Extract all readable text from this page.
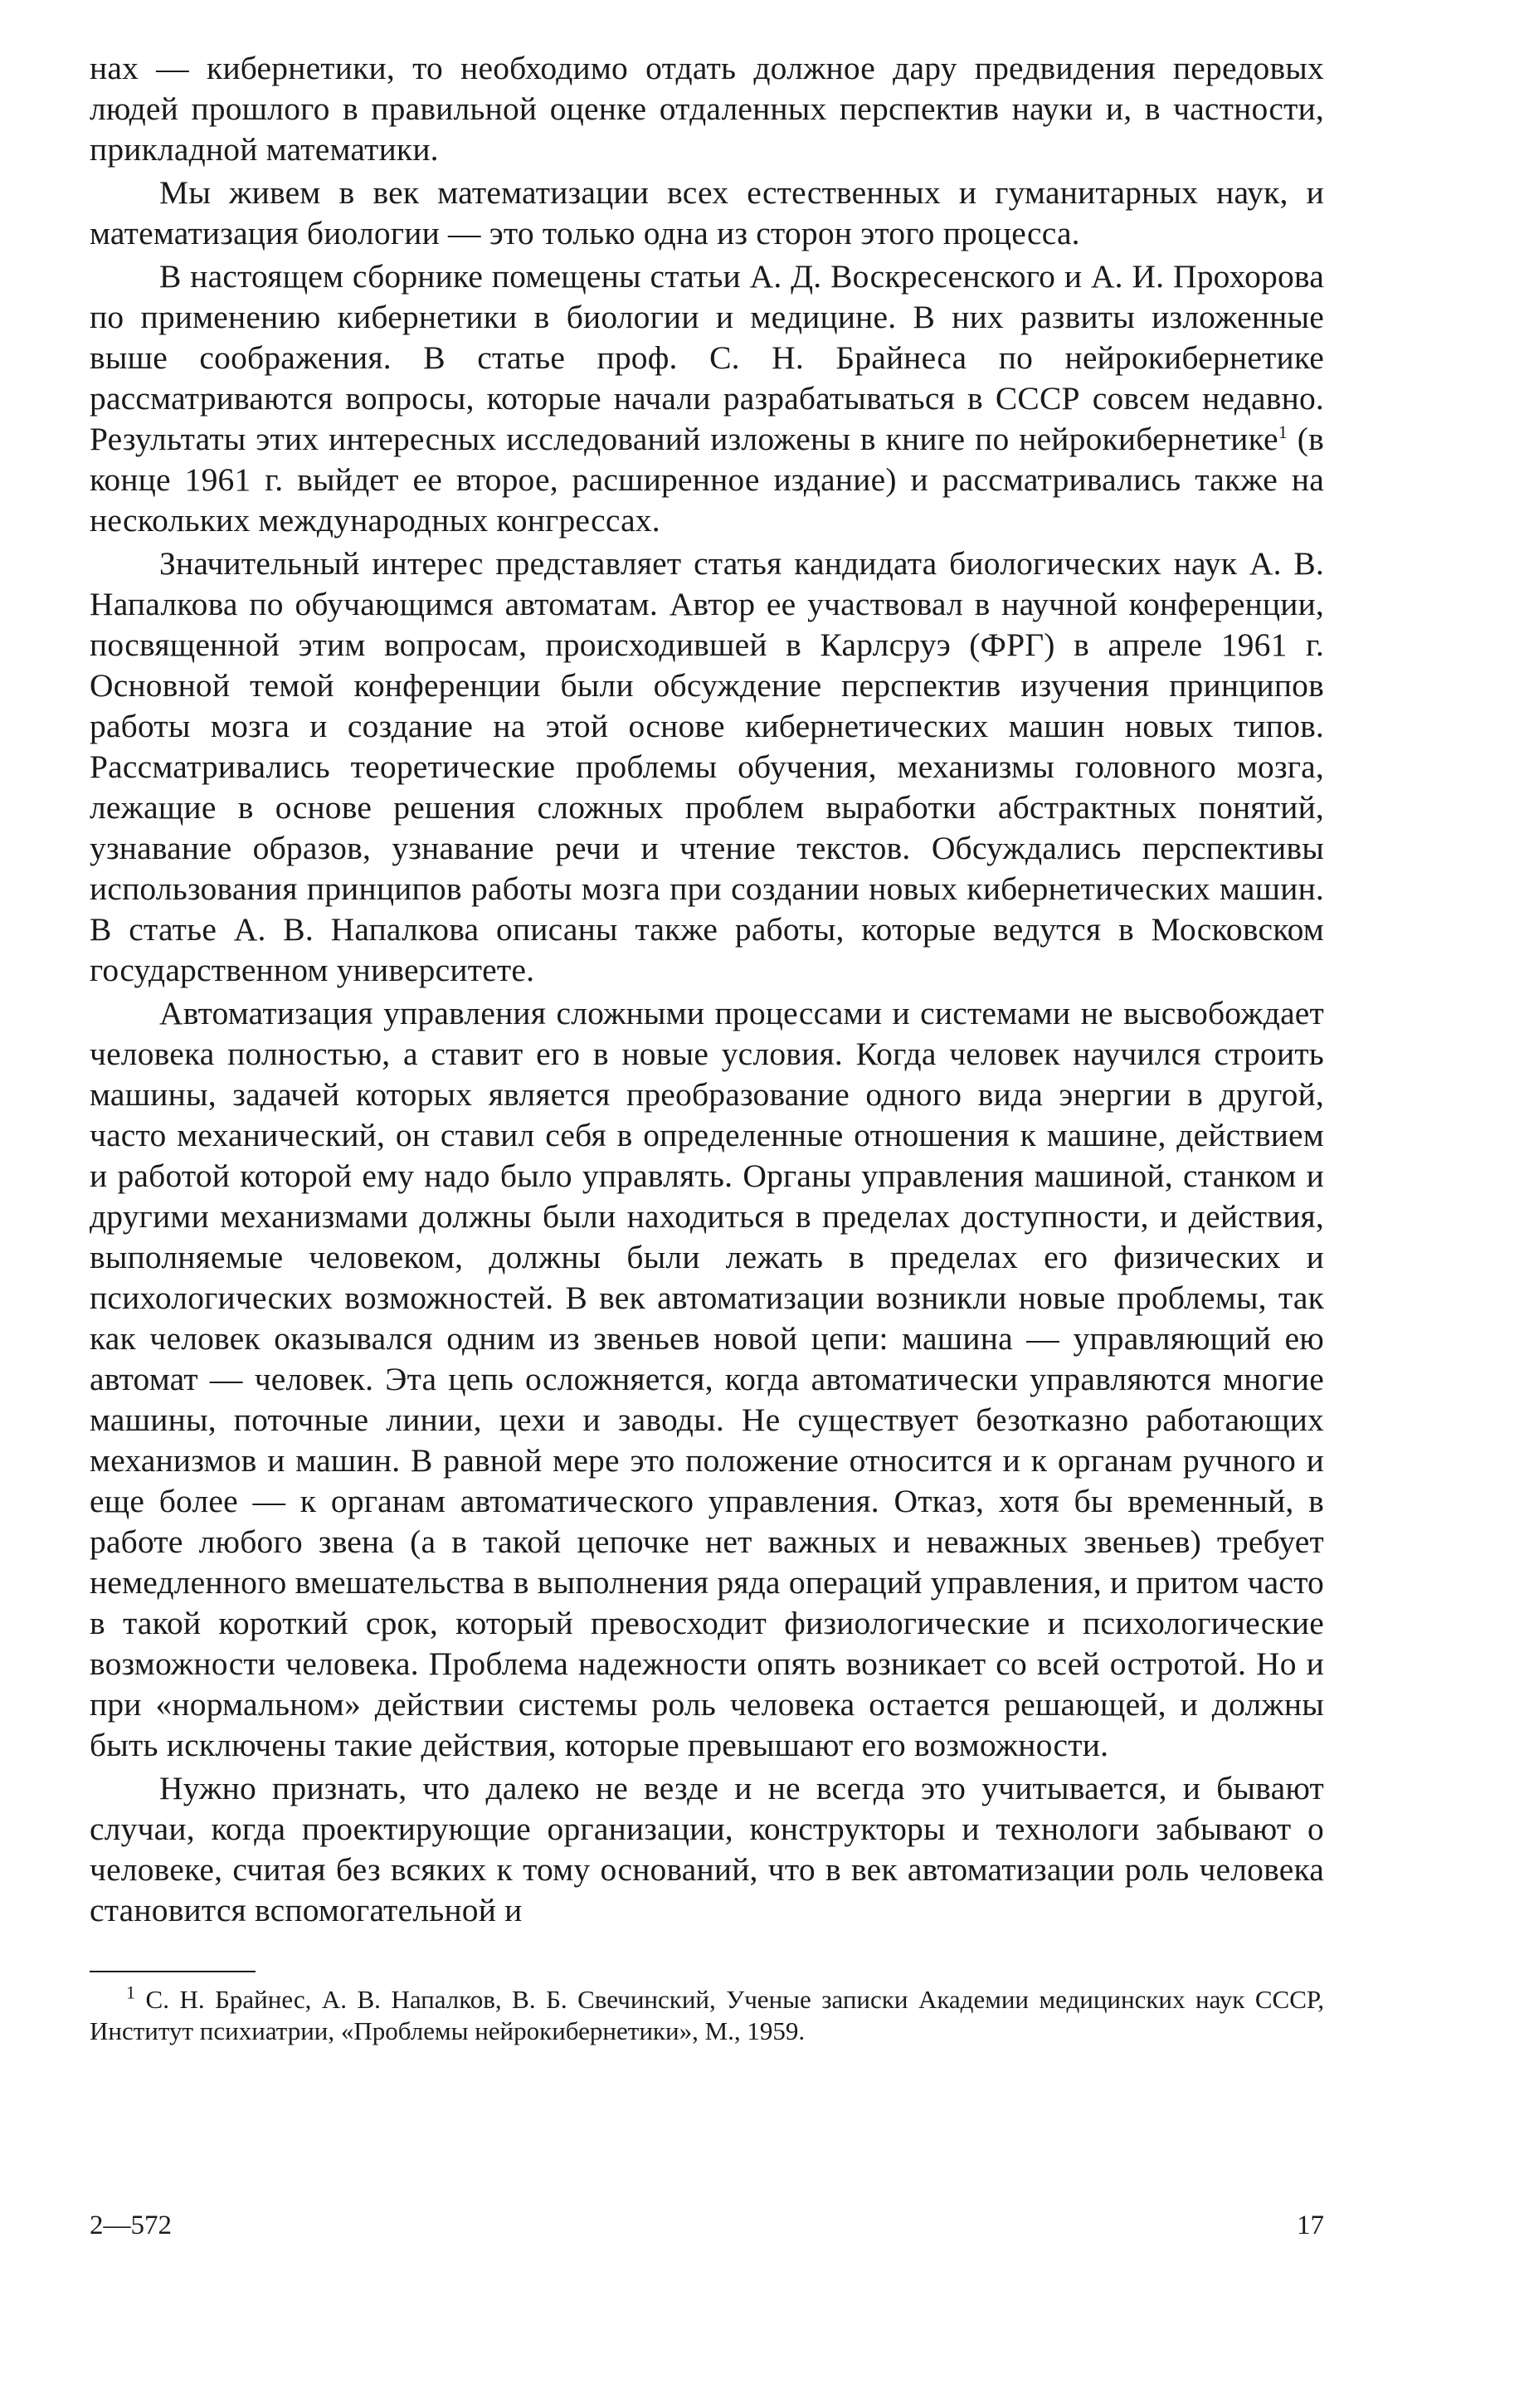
нах — кибернетики, то необходимо отдать должное дару предвидения передовых людей прошлого в правильной оценке отдаленных перспектив науки и, в частности, прикладной математики.

Мы живем в век математизации всех естественных и гуманитарных наук, и математизация биологии — это только одна из сторон этого процесса.

В настоящем сборнике помещены статьи А. Д. Воскресенского и А. И. Прохорова по применению кибернетики в биологии и медицине. В них развиты изложенные выше соображения. В статье проф. С. Н. Брайнеса по нейрокибернетике рассматриваются вопросы, которые начали разрабатываться в СССР совсем недавно. Результаты этих интересных исследований изложены в книге по нейрокибернетике$^1$ (в конце 1961 г. выйдет ее второе, расширенное издание) и рассматривались также на нескольких международных конгрессах.

Значительный интерес представляет статья кандидата биологических наук А. В. Напалкова по обучающимся автоматам. Автор ее участвовал в научной конференции, посвященной этим вопросам, происходившей в Карлсруэ (ФРГ) в апреле 1961 г. Основной темой конференции были обсуждение перспектив изучения принципов работы мозга и создание на этой основе кибернетических машин новых типов. Рассматривались теоретические проблемы обучения, механизмы головного мозга, лежащие в основе решения сложных проблем выработки абстрактных понятий, узнавание образов, узнавание речи и чтение текстов. Обсуждались перспективы использования принципов работы мозга при создании новых кибернетических машин. В статье А. В. Напалкова описаны также работы, которые ведутся в Московском государственном университете.

Автоматизация управления сложными процессами и системами не высвобождает человека полностью, а ставит его в новые условия. Когда человек научился строить машины, задачей которых является преобразование одного вида энергии в другой, часто механический, он ставил себя в определенные отношения к машине, действием и работой которой ему надо было управлять. Органы управления машиной, станком и другими механизмами должны были находиться в пределах доступности, и действия, выполняемые человеком, должны были лежать в пределах его физических и психологических возможностей. В век автоматизации возникли новые проблемы, так как человек оказывался одним из звеньев новой цепи: машина — управляющий ею автомат — человек. Эта цепь осложняется, когда автоматически управляются многие машины, поточные линии, цехи и заводы. Не существует безотказно работающих механизмов и машин. В равной мере это положение относится и к органам ручного и еще более — к органам автоматического управления. Отказ, хотя бы временный, в работе любого звена (а в такой цепочке нет важных и неважных звеньев) требует немедленного вмешательства в выполнения ряда операций управления, и притом часто в такой короткий срок, который превосходит физиологические и психологические возможности человека. Проблема надежности опять возникает со всей остротой. Но и при «нормальном» действии системы роль человека остается решающей, и должны быть исключены такие действия, которые превышают его возможности.

Нужно признать, что далеко не везде и не всегда это учитывается, и бывают случаи, когда проектирующие организации, конструкторы и технологи забывают о человеке, считая без всяких к тому оснований, что в век автоматизации роль человека становится вспомогательной и

$^1$ С. Н. Брайнес, А. В. Напалков, В. Б. Свечинский, Ученые записки Академии медицинских наук СССР, Институт психиатрии, «Проблемы нейрокибернетики», М., 1959.

2—572	17
